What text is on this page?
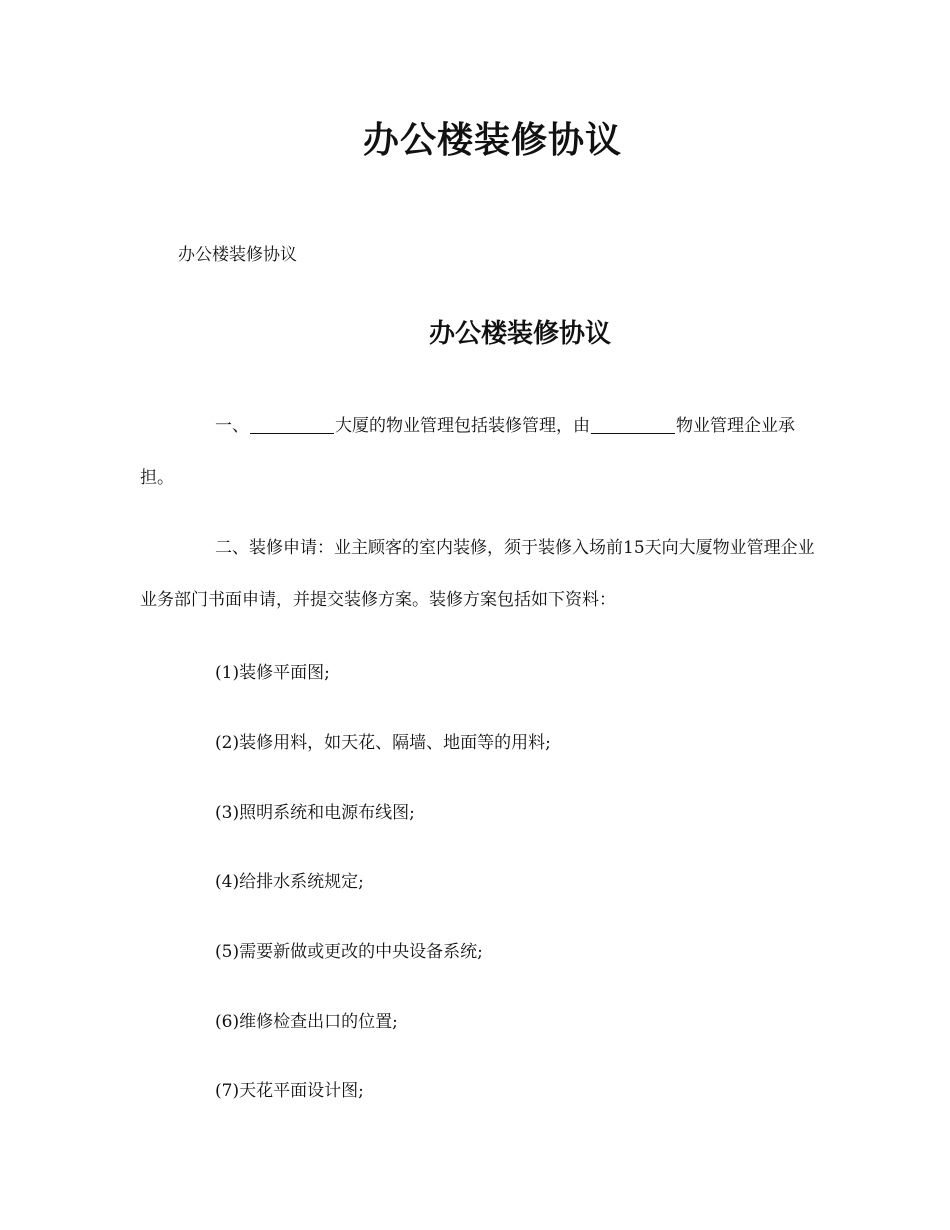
办公楼装修协议
办公楼装修协议
办公楼装修协议
一、	大厦的物业管理包括装修管理，由	物业管理企业承担。
二、装修申请：业主顾客的室内装修，须于装修入场前15天向大厦物业管理企业业务部门书面申请，并提交装修方案。装修方案包括如下资料：
(1)装修平面图;
(2)装修用料，如天花、隔墙、地面等的用料;
(3)照明系统和电源布线图;
(4)给排水系统规定;
(5)需要新做或更改的中央设备系统;
(6)维修检查出口的位置;
(7)天花平面设计图;
